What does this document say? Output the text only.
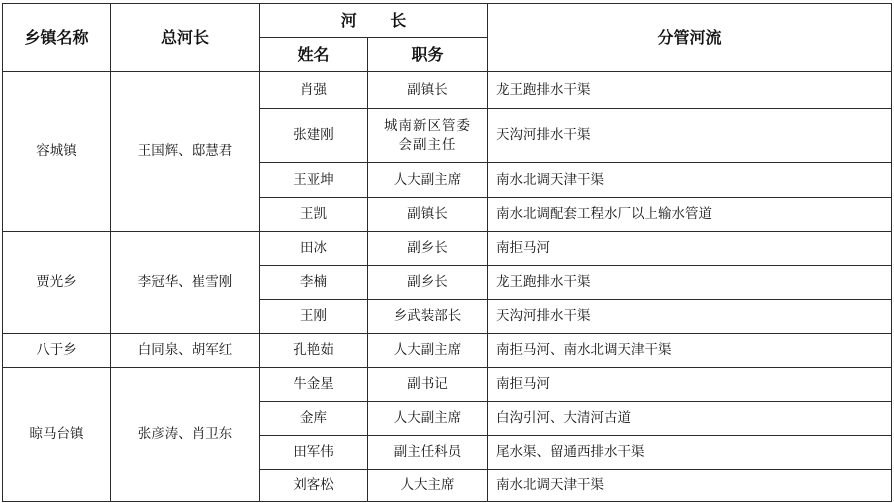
乡镇名称	总河长	河 长		分管河流
		姓名	职务	
容城镇	王国辉、邸慧君	肖强	副镇长	龙王跑排水干渠
		张建刚	城南新区管委会副主任	天沟河排水干渠
		王亚坤	人大副主席	南水北调天津干渠
		王凯	副镇长	南水北调配套工程水厂以上输水管道
贾光乡	李冠华、崔雪刚	田冰	副乡长	南拒马河
		李楠	副乡长	龙王跑排水干渠
		王刚	乡武装部长	天沟河排水干渠
八于乡	白同泉、胡军红	孔艳茹	人大副主席	南拒马河、南水北调天津干渠
晾马台镇	张彦涛、肖卫东	牛金星	副书记	南拒马河
		金库	人大副主席	白沟引河、大清河古道
		田军伟	副主任科员	尾水渠、留通西排水干渠
		刘客松	人大主席	南水北调天津干渠
